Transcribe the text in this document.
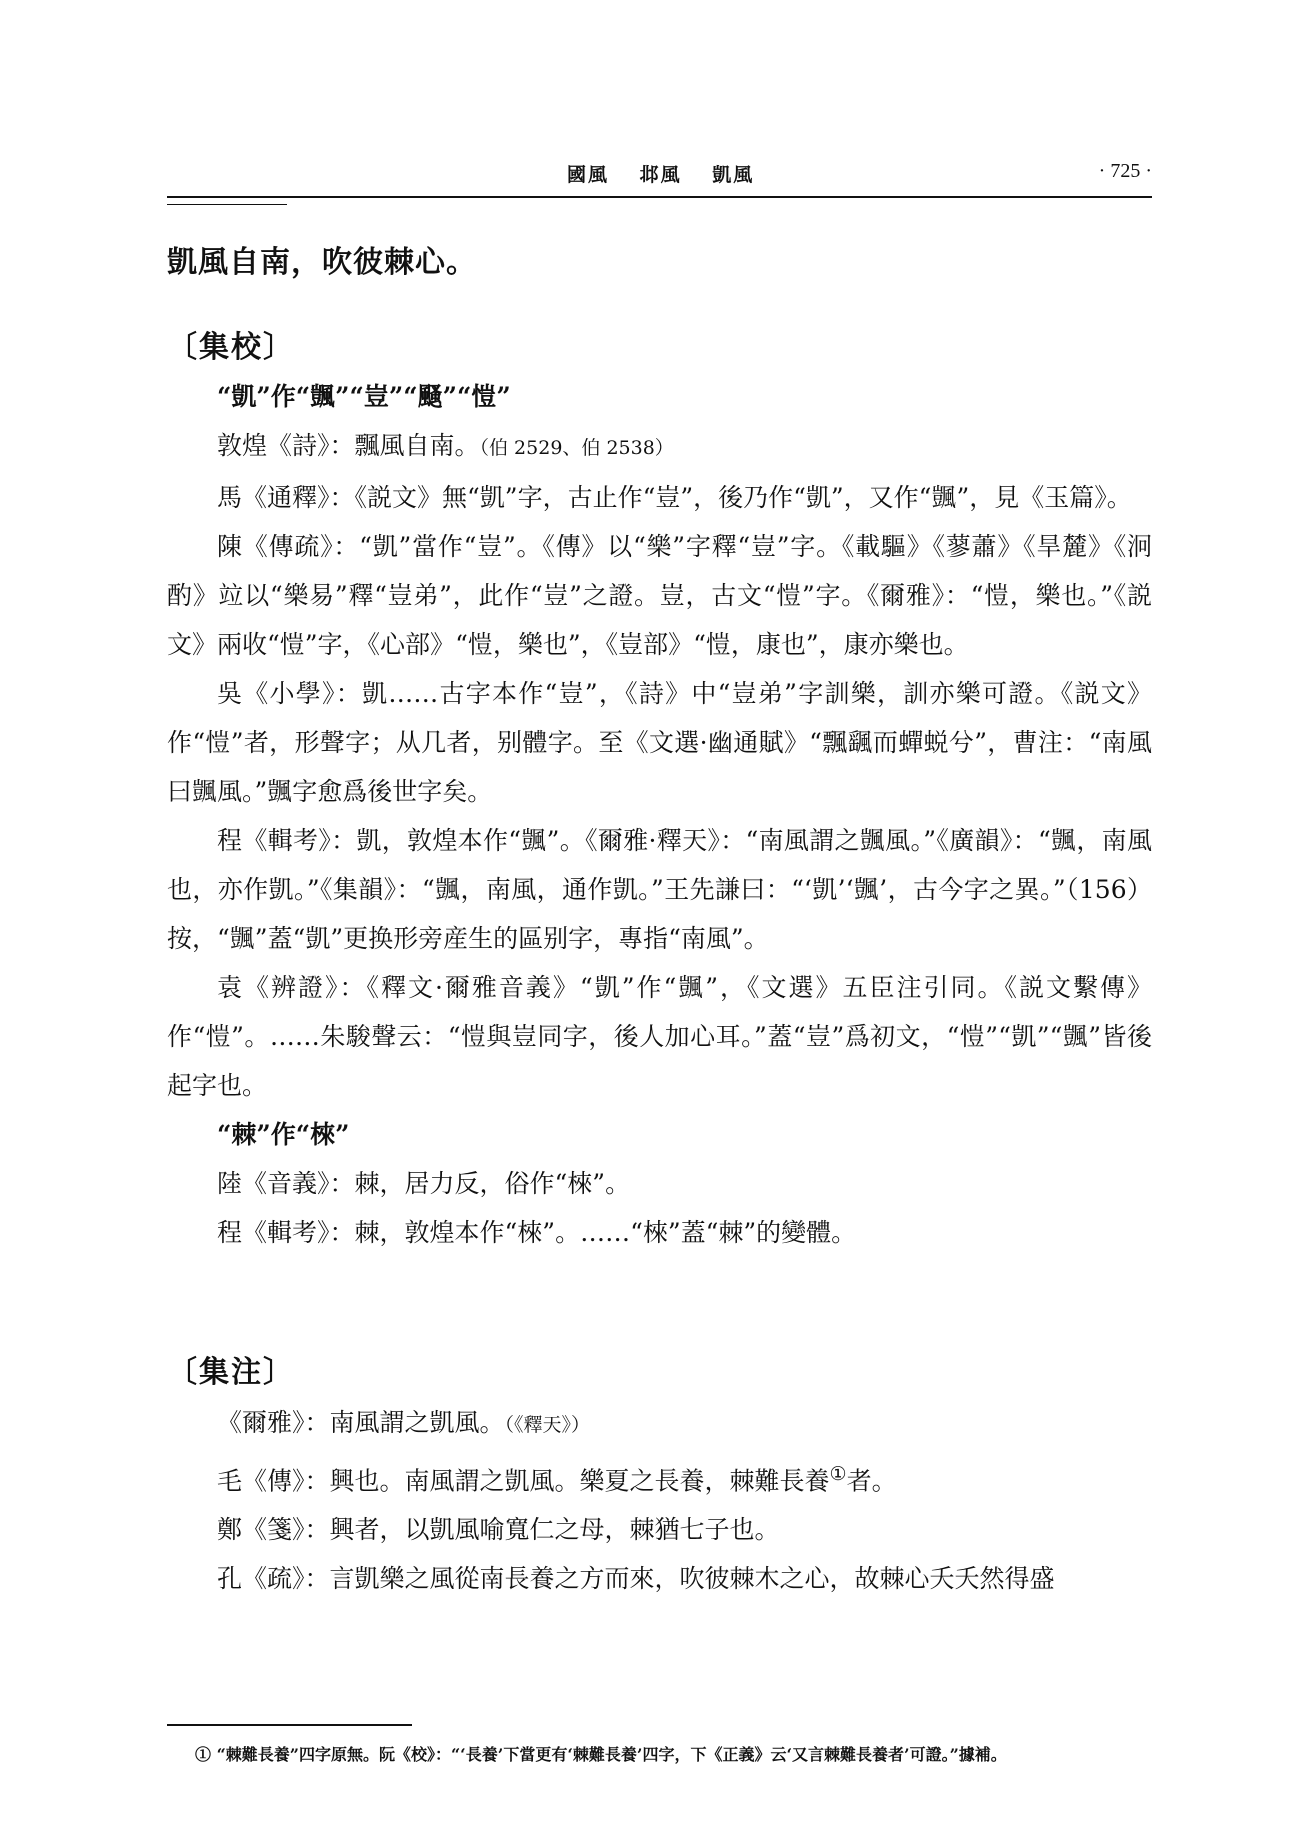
國風 邶風 凱風	· 725 ·
凱風自南，吹彼棘心。
〔集校〕

“凱”作“颽”“豈”“颾”“愷”

敦煌《詩》：飄風自南。（伯 2529、伯 2538）

馬《通釋》：《説文》無“凱”字，古止作“豈”，後乃作“凱”，又作“颽”，見《玉篇》。

陳《傳疏》：“凱”當作“豈”。《傳》以“樂”字釋“豈”字。《載驅》《蓼蕭》《旱麓》《泂酌》竝以“樂易”釋“豈弟”，此作“豈”之證。豈，古文“愷”字。《爾雅》：“愷，樂也。”《説文》兩收“愷”字，《心部》“愷，樂也”，《豈部》“愷，康也”，康亦樂也。

吳《小學》：凱……古字本作“豈”，《詩》中“豈弟”字訓樂，訓亦樂可證。《説文》作“愷”者，形聲字；从几者，别體字。至《文選·幽通賦》“飄颻而蟬蜕兮”，曹注：“南風曰颽風。”颽字愈爲後世字矣。

程《輯考》：凱，敦煌本作“颽”。《爾雅·釋天》：“南風謂之颽風。”《廣韻》：“颽，南風也，亦作凱。”《集韻》：“颽，南風，通作凱。”王先謙曰：“‘凱’‘颽’，古今字之異。”（156）按，“颽”蓋“凱”更换形旁産生的區别字，專指“南風”。

袁《辨證》：《釋文·爾雅音義》“凱”作“颽”，《文選》五臣注引同。《説文繫傳》作“愷”。……朱駿聲云：“愷與豈同字，後人加心耳。”蓋“豈”爲初文，“愷”“凱”“颽”皆後起字也。

“棘”作“棶”

陸《音義》：棘，居力反，俗作“棶”。

程《輯考》：棘，敦煌本作“棶”。……“棶”蓋“棘”的變體。

〔集注〕

《爾雅》：南風謂之凱風。（《釋天》）

毛《傳》：興也。南風謂之凱風。樂夏之長養，棘難長養①者。

鄭《箋》：興者，以凱風喻寬仁之母，棘猶七子也。

孔《疏》：言凱樂之風從南長養之方而來，吹彼棘木之心，故棘心夭夭然得盛

① “棘難長養”四字原無。阮《校》：“‘長養’下當更有‘棘難長養’四字，下《正義》云‘又言棘難長養者’可證。”據補。
